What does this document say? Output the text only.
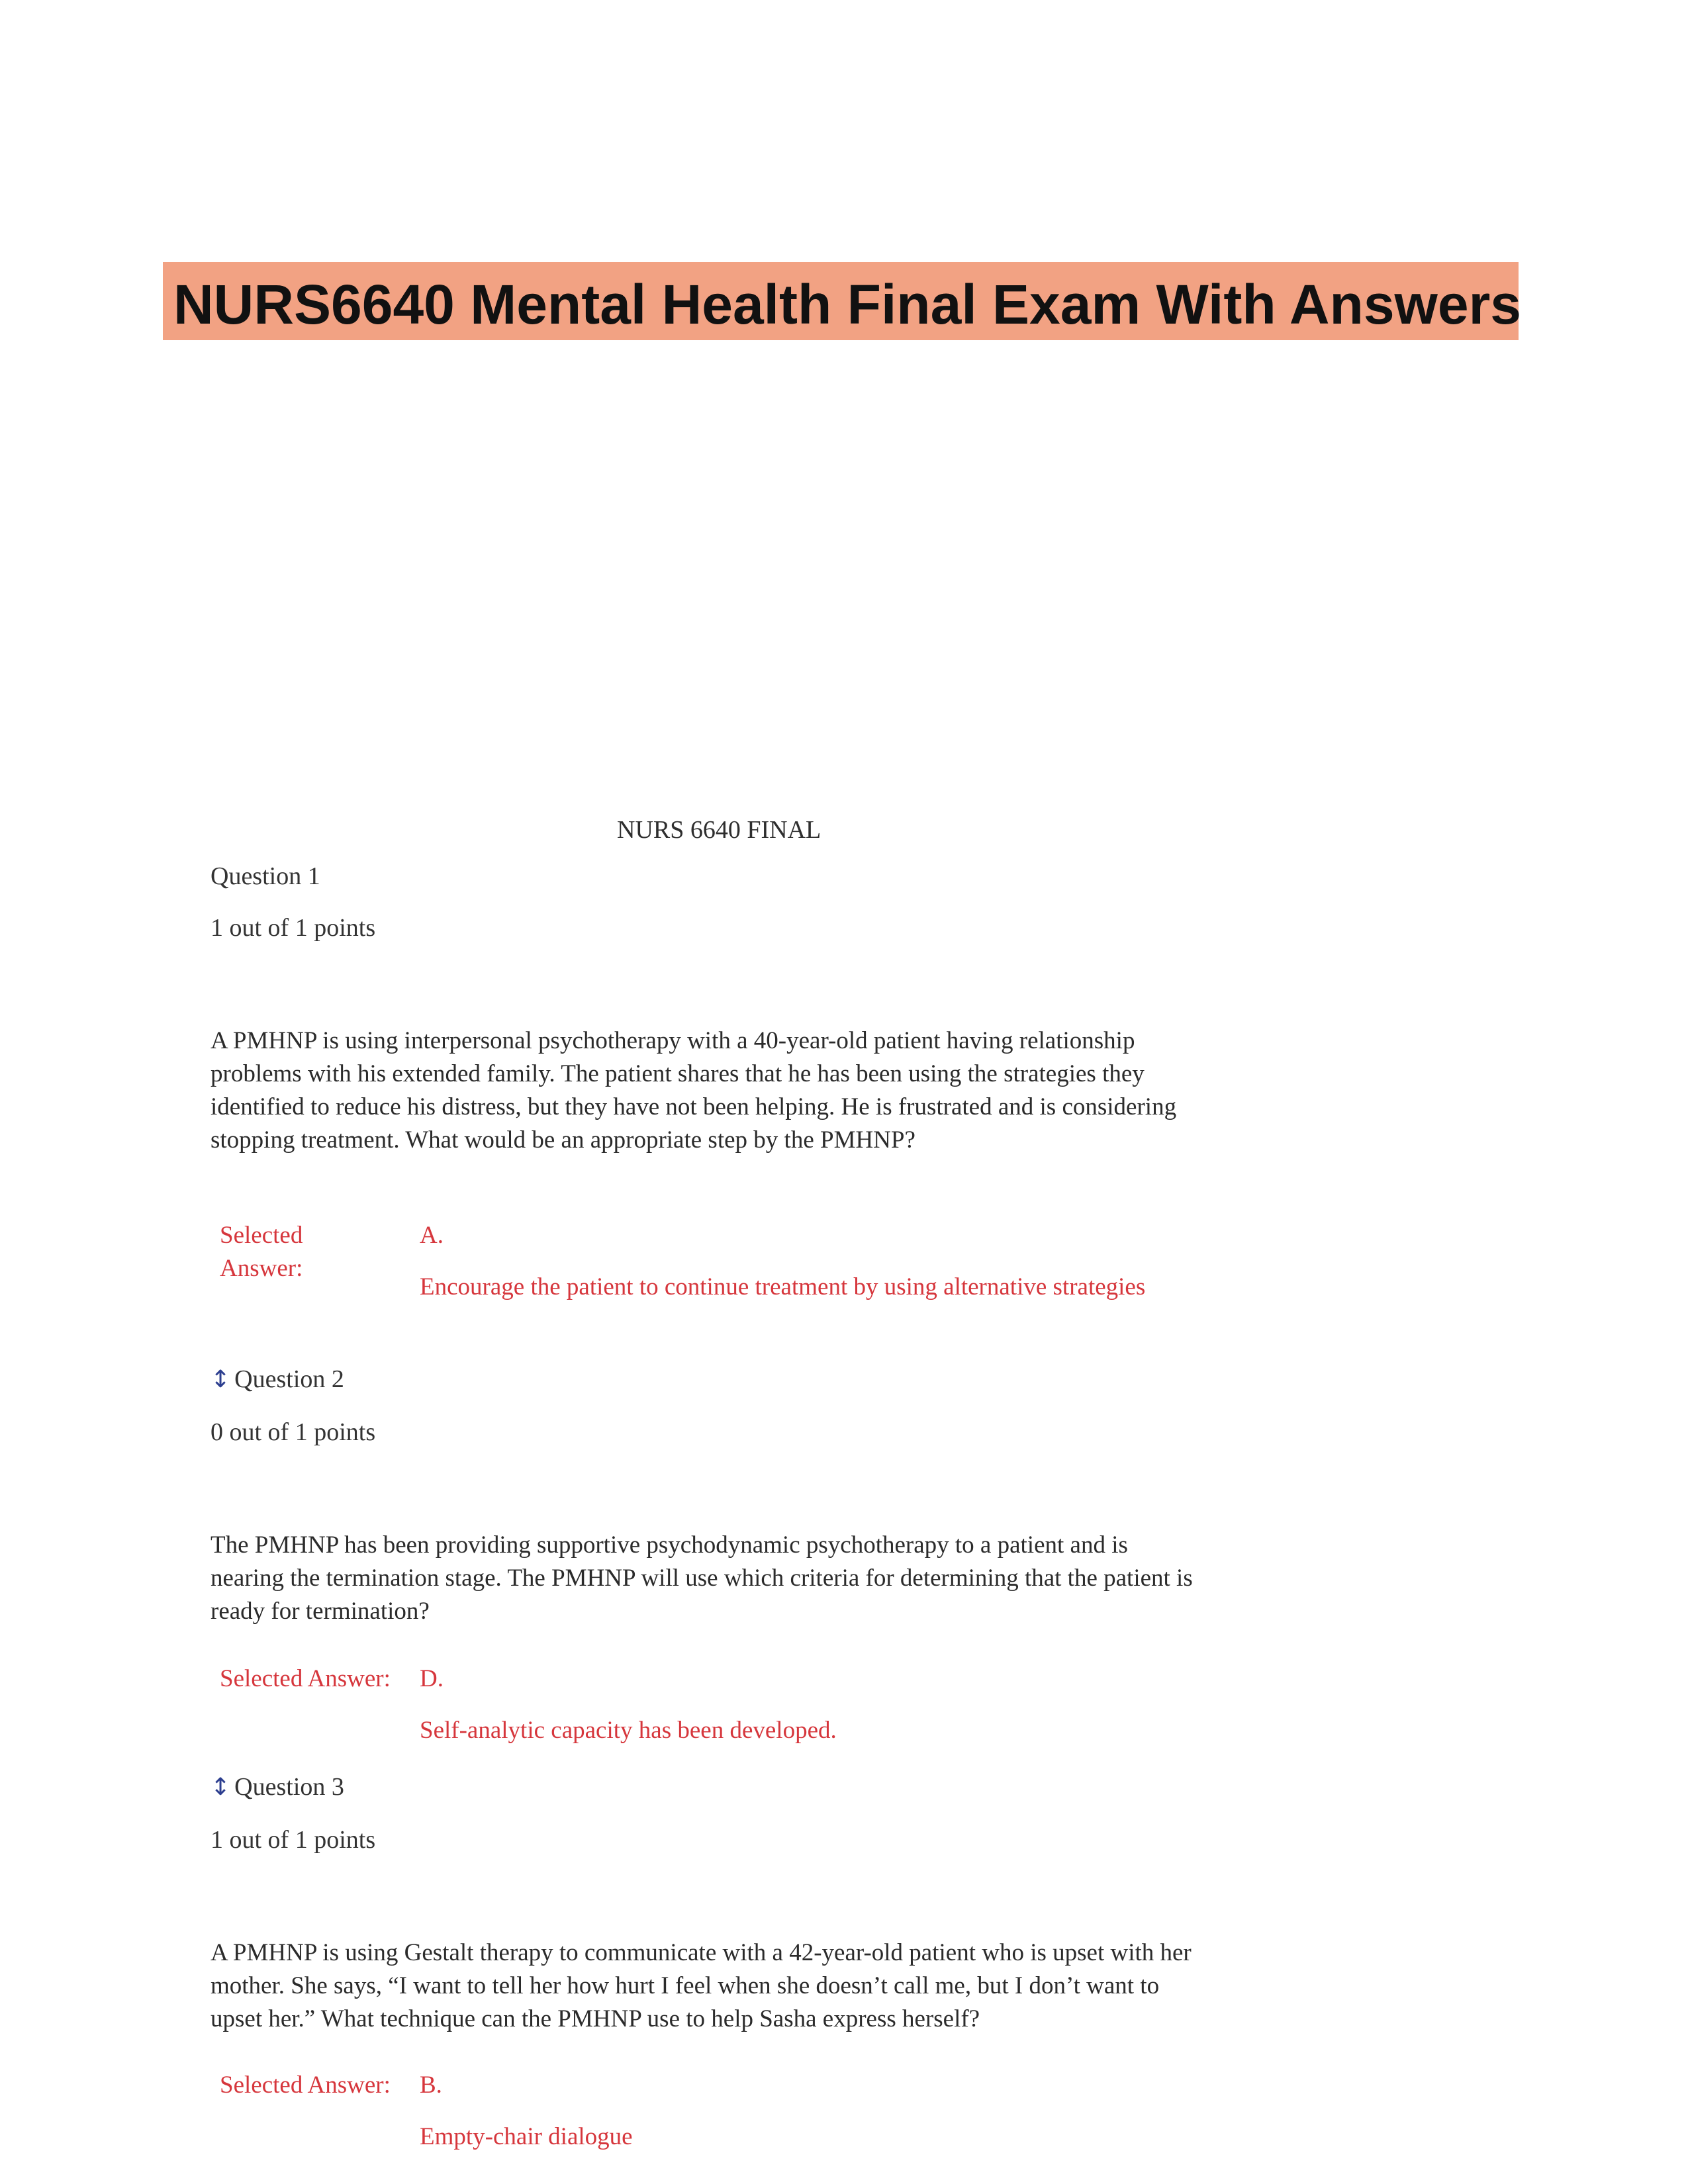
NURS6640 Mental Health Final Exam With Answers
NURS 6640 FINAL
Question 1
1 out of 1 points

A PMHNP is using interpersonal psychotherapy with a 40-year-old patient having relationship problems with his extended family. The patient shares that he has been using the strategies they identified to reduce his distress, but they have not been helping. He is frustrated and is considering stopping treatment. What would be an appropriate step by the PMHNP?

Selected Answer:
A.
Encourage the patient to continue treatment by using alternative strategies
↕ Question 2
0 out of 1 points

The PMHNP has been providing supportive psychodynamic psychotherapy to a patient and is nearing the termination stage. The PMHNP will use which criteria for determining that the patient is ready for termination?

Selected Answer: D.
Self-analytic capacity has been developed.
↕ Question 3
1 out of 1 points

A PMHNP is using Gestalt therapy to communicate with a 42-year-old patient who is upset with her mother. She says, “I want to tell her how hurt I feel when she doesn’t call me, but I don’t want to upset her.” What technique can the PMHNP use to help Sasha express herself?

Selected Answer: B.
Empty-chair dialogue
